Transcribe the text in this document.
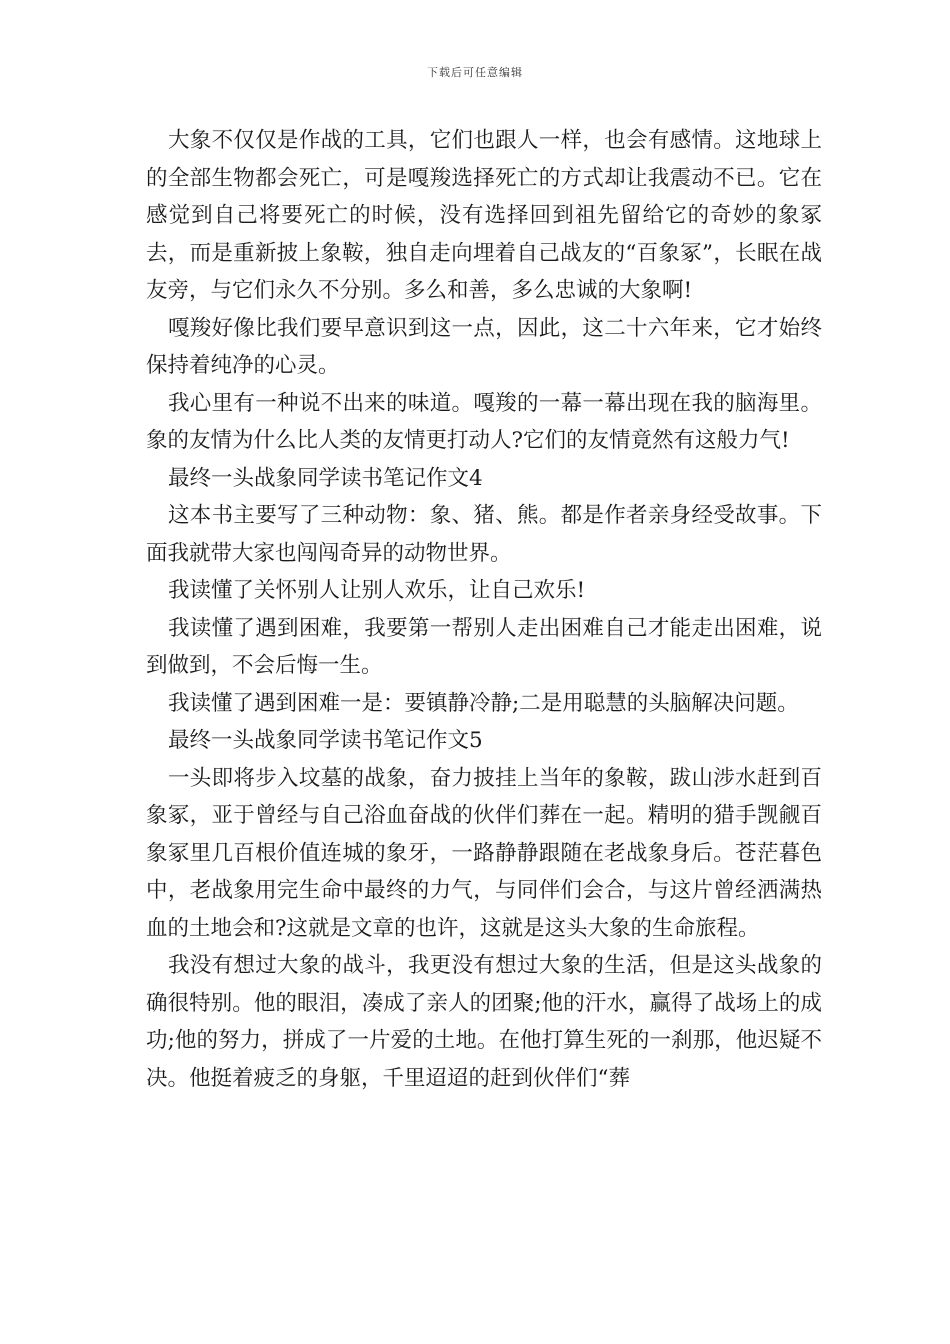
下载后可任意编辑

大象不仅仅是作战的工具，它们也跟人一样，也会有感情。这地球上的全部生物都会死亡，可是嘎羧选择死亡的方式却让我震动不已。它在感觉到自己将要死亡的时候，没有选择回到祖先留给它的奇妙的象冢去，而是重新披上象鞍，独自走向埋着自己战友的“百象冢”，长眠在战友旁，与它们永久不分别。多么和善，多么忠诚的大象啊!

嘎羧好像比我们要早意识到这一点，因此，这二十六年来，它才始终保持着纯净的心灵。

我心里有一种说不出来的味道。嘎羧的一幕一幕出现在我的脑海里。象的友情为什么比人类的友情更打动人?它们的友情竟然有这般力气!

最终一头战象同学读书笔记作文4

这本书主要写了三种动物：象、猪、熊。都是作者亲身经受故事。下面我就带大家也闯闯奇异的动物世界。

我读懂了关怀别人让别人欢乐，让自己欢乐!

我读懂了遇到困难，我要第一帮别人走出困难自己才能走出困难，说到做到，不会后悔一生。

我读懂了遇到困难一是：要镇静冷静;二是用聪慧的头脑解决问题。

最终一头战象同学读书笔记作文5

一头即将步入坟墓的战象，奋力披挂上当年的象鞍，跋山涉水赶到百象冢，亚于曾经与自己浴血奋战的伙伴们葬在一起。精明的猎手觊觎百象冢里几百根价值连城的象牙，一路静静跟随在老战象身后。苍茫暮色中，老战象用完生命中最终的力气，与同伴们会合，与这片曾经洒满热血的土地会和?这就是文章的也许，这就是这头大象的生命旅程。

我没有想过大象的战斗，我更没有想过大象的生活，但是这头战象的确很特别。他的眼泪，凑成了亲人的团聚;他的汗水，赢得了战场上的成功;他的努力，拼成了一片爱的土地。在他打算生死的一刹那，他迟疑不决。他挺着疲乏的身躯，千里迢迢的赶到伙伴们“葬
